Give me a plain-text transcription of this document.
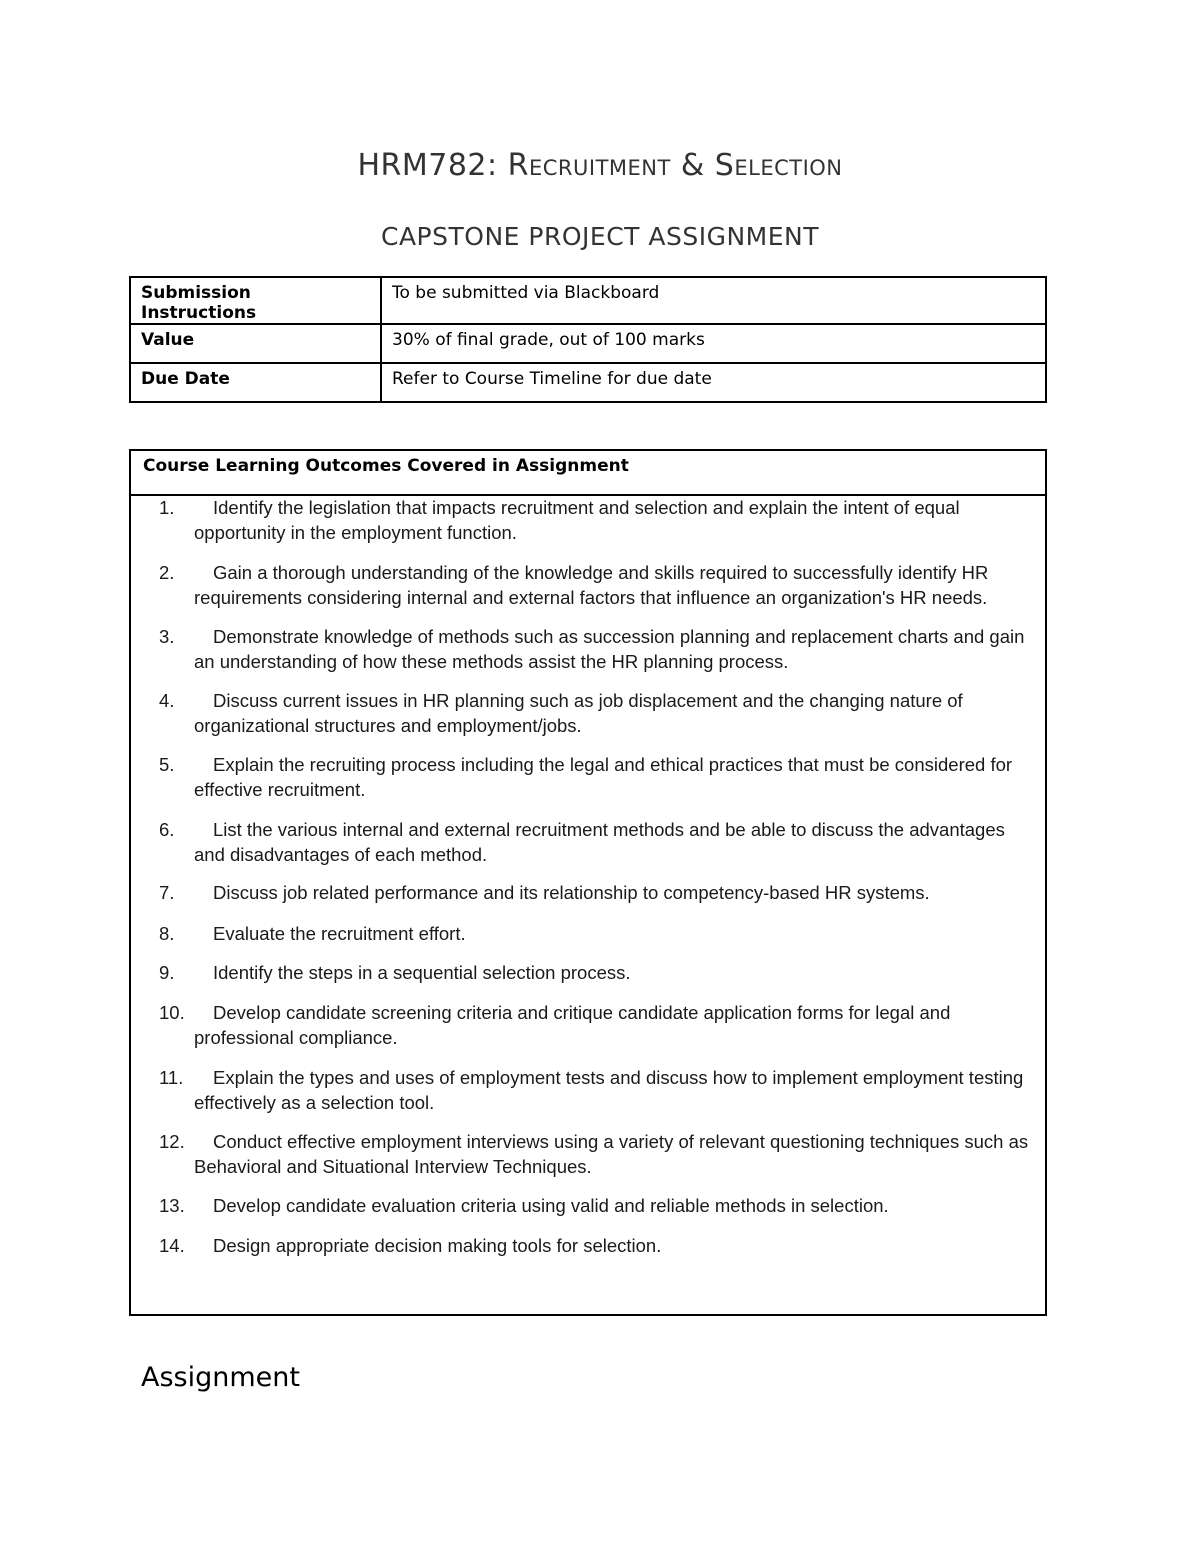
HRM782: Recruitment & Selection
CAPSTONE PROJECT ASSIGNMENT
Submission Instructions	To be submitted via Blackboard
Value	30% of final grade, out of 100 marks
Due Date	Refer to Course Timeline for due date
Course Learning Outcomes Covered in Assignment
1.	Identify the legislation that impacts recruitment and selection and explain the intent of equal opportunity in the employment function.
2.	Gain a thorough understanding of the knowledge and skills required to successfully identify HR requirements considering internal and external factors that influence an organization's HR needs.
3.	Demonstrate knowledge of methods such as succession planning and replacement charts and gain an understanding of how these methods assist the HR planning process.
4.	Discuss current issues in HR planning such as job displacement and the changing nature of organizational structures and employment/jobs.
5.	Explain the recruiting process including the legal and ethical practices that must be considered for effective recruitment.
6.	List the various internal and external recruitment methods and be able to discuss the advantages and disadvantages of each method.
7.	Discuss job related performance and its relationship to competency-based HR systems.
8.	Evaluate the recruitment effort.
9.	Identify the steps in a sequential selection process.
10.	Develop candidate screening criteria and critique candidate application forms for legal and professional compliance.
11.	Explain the types and uses of employment tests and discuss how to implement employment testing effectively as a selection tool.
12.	Conduct effective employment interviews using a variety of relevant questioning techniques such as Behavioral and Situational Interview Techniques.
13.	Develop candidate evaluation criteria using valid and reliable methods in selection.
14.	Design appropriate decision making tools for selection.
Assignment
